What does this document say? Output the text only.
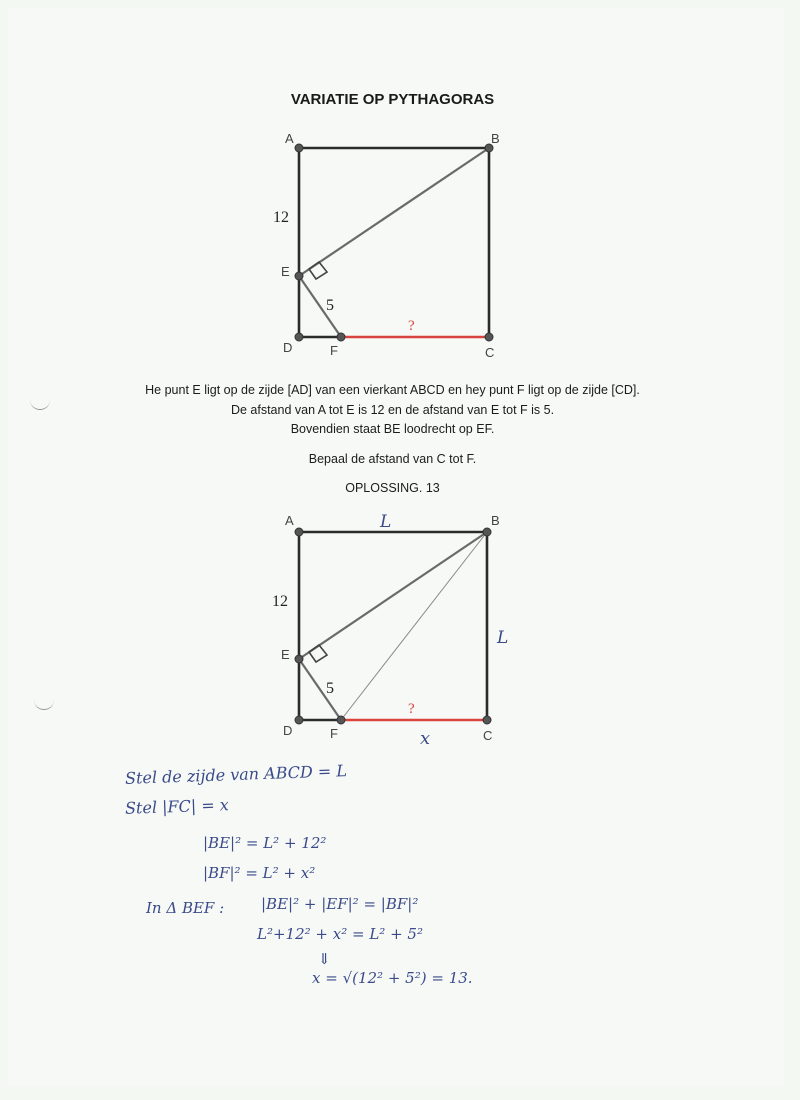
VARIATIE OP PYTHAGORAS
A	B
C
D
E
F
12
5
?
He punt E ligt op de zijde [AD] van een vierkant ABCD en hey punt F ligt op de zijde [CD].
De afstand van A tot E is 12 en de afstand van E tot F is 5.
Bovendien staat BE loodrecht op EF.
Bepaal de afstand van C tot F.
OPLOSSING. 13
A	B
C
D
E
F
12
5
?
L
L
x
Stel de zijde van ABCD = L
Stel |FC| = x
|BE|² = L² + 12²
|BF|² = L² + x²
In Δ BEF : |BE|² + |EF|² = |BF|²
L²+12² + x² = L² + 5²
⇓
x = √(12² + 5²) = 13.
